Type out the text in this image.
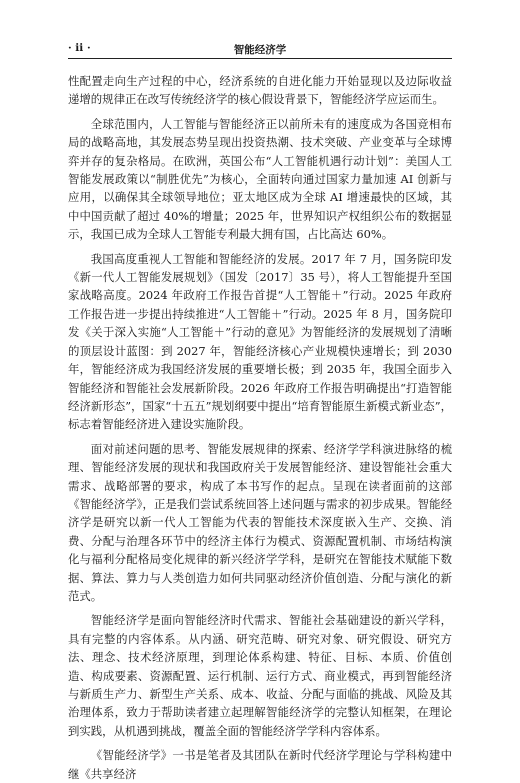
· ii ·	智能经济学

性配置走向生产过程的中心，经济系统的自进化能力开始显现以及边际收益递增的规律正在改写传统经济学的核心假设背景下，智能经济学应运而生。

全球范围内，人工智能与智能经济正以前所未有的速度成为各国竞相布局的战略高地，其发展态势呈现出投资热潮、技术突破、产业变革与全球博弈并存的复杂格局。在欧洲，英国公布“人工智能机遇行动计划”：美国人工智能发展政策以“制胜优先”为核心，全面转向通过国家力量加速 AI 创新与应用，以确保其全球领导地位；亚太地区成为全球 AI 增速最快的区域，其中中国贡献了超过 40%的增量；2025 年，世界知识产权组织公布的数据显示，我国已成为全球人工智能专利最大拥有国，占比高达 60%。

我国高度重视人工智能和智能经济的发展。2017 年 7 月，国务院印发《新一代人工智能发展规划》（国发〔2017〕35 号），将人工智能提升至国家战略高度。2024 年政府工作报告首提“人工智能＋”行动。2025 年政府工作报告进一步提出持续推进“人工智能＋”行动。2025 年 8 月，国务院印发《关于深入实施“人工智能＋”行动的意见》为智能经济的发展规划了清晰的顶层设计蓝图：到 2027 年，智能经济核心产业规模快速增长；到 2030 年，智能经济成为我国经济发展的重要增长极；到 2035 年，我国全面步入智能经济和智能社会发展新阶段。2026 年政府工作报告明确提出“打造智能经济新形态”，国家“十五五”规划纲要中提出“培育智能原生新模式新业态”，标志着智能经济进入建设实施阶段。

面对前述问题的思考、智能发展规律的探索、经济学学科演进脉络的梳理、智能经济发展的现状和我国政府关于发展智能经济、建设智能社会重大需求、战略部署的要求，构成了本书写作的起点。呈现在读者面前的这部《智能经济学》，正是我们尝试系统回答上述问题与需求的初步成果。智能经济学是研究以新一代人工智能为代表的智能技术深度嵌入生产、交换、消费、分配与治理各环节中的经济主体行为模式、资源配置机制、市场结构演化与福利分配格局变化规律的新兴经济学学科，是研究在智能技术赋能下数据、算法、算力与人类创造力如何共同驱动经济价值创造、分配与演化的新范式。

智能经济学是面向智能经济时代需求、智能社会基础建设的新兴学科，具有完整的内容体系。从内涵、研究范畴、研究对象、研究假设、研究方法、理念、技术经济原理，到理论体系构建、特征、目标、本质、价值创造、构成要素、资源配置、运行机制、运行方式、商业模式，再到智能经济与新质生产力、新型生产关系、成本、收益、分配与面临的挑战、风险及其治理体系，致力于帮助读者建立起理解智能经济学的完整认知框架，在理论到实践，从机遇到挑战，覆盖全面的智能经济学学科内容体系。

《智能经济学》一书是笔者及其团队在新时代经济学理论与学科构建中继《共享经济
